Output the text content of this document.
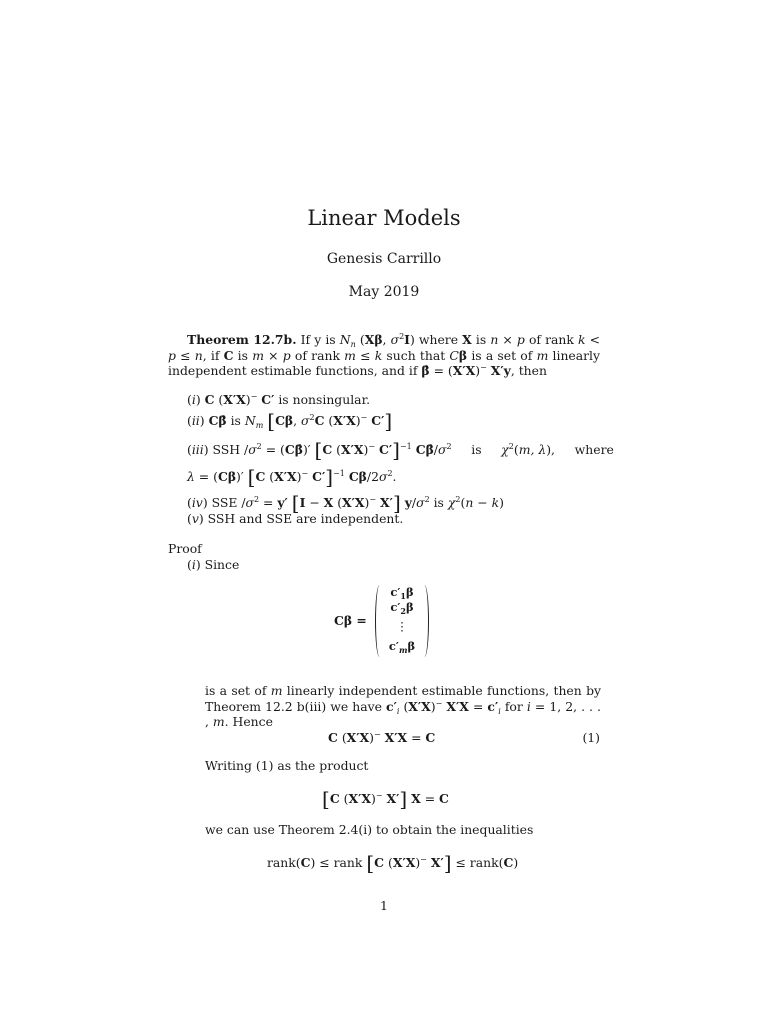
Linear Models
Genesis Carrillo
May 2019
Theorem 12.7b. If y is $N_n$ (Xβ, $\sigma^2I$) where X is n × p of rank k < p ≤ n, if C is m × p of rank m ≤ k such that Cβ is a set of m linearly independent estimable functions, and if β̂ = (X′X)− X′y, then
(i) C (X′X)− C′ is nonsingular.
(ii) Cβ̂ is $N_m$ [Cβ, $\sigma^2C$ (X′X)− C′]
(iii) SSH $/\sigma^2$ = (Cβ̂)′ [C (X′X)− C′]$^{-1}$ $C\betâ/\sigma^2$     is     $\chi^2(m$, λ),     where
λ = (Cβ)′ [C (X′X)− C′]$^{-1}$ $C\beta/2\sigma^2$.
(iv) SSE $/\sigma^2 = y'$ [I − X (X′X)− X′] $y/\sigma^2$ is $\chi^2(n - k)$
(v) SSH and SSE are independent.
Proof
(i) Since
Cβ =
$c'_1\beta$
$c'_2\beta$
⋮
$c'_m\beta$
is a set of m linearly independent estimable functions, then by Theorem 12.2 b(iii) we have $c'_i$ (X′X)− $X'X = c'_i$ for i = 1, 2, . . . , m. Hence
C (X′X)− X′X = C	(1)
Writing (1) as the product
[C (X′X)− X′] X = C
we can use Theorem 2.4(i) to obtain the inequalities
rank(C) ≤ rank [C (X′X)− X′] ≤ rank(C)
1
